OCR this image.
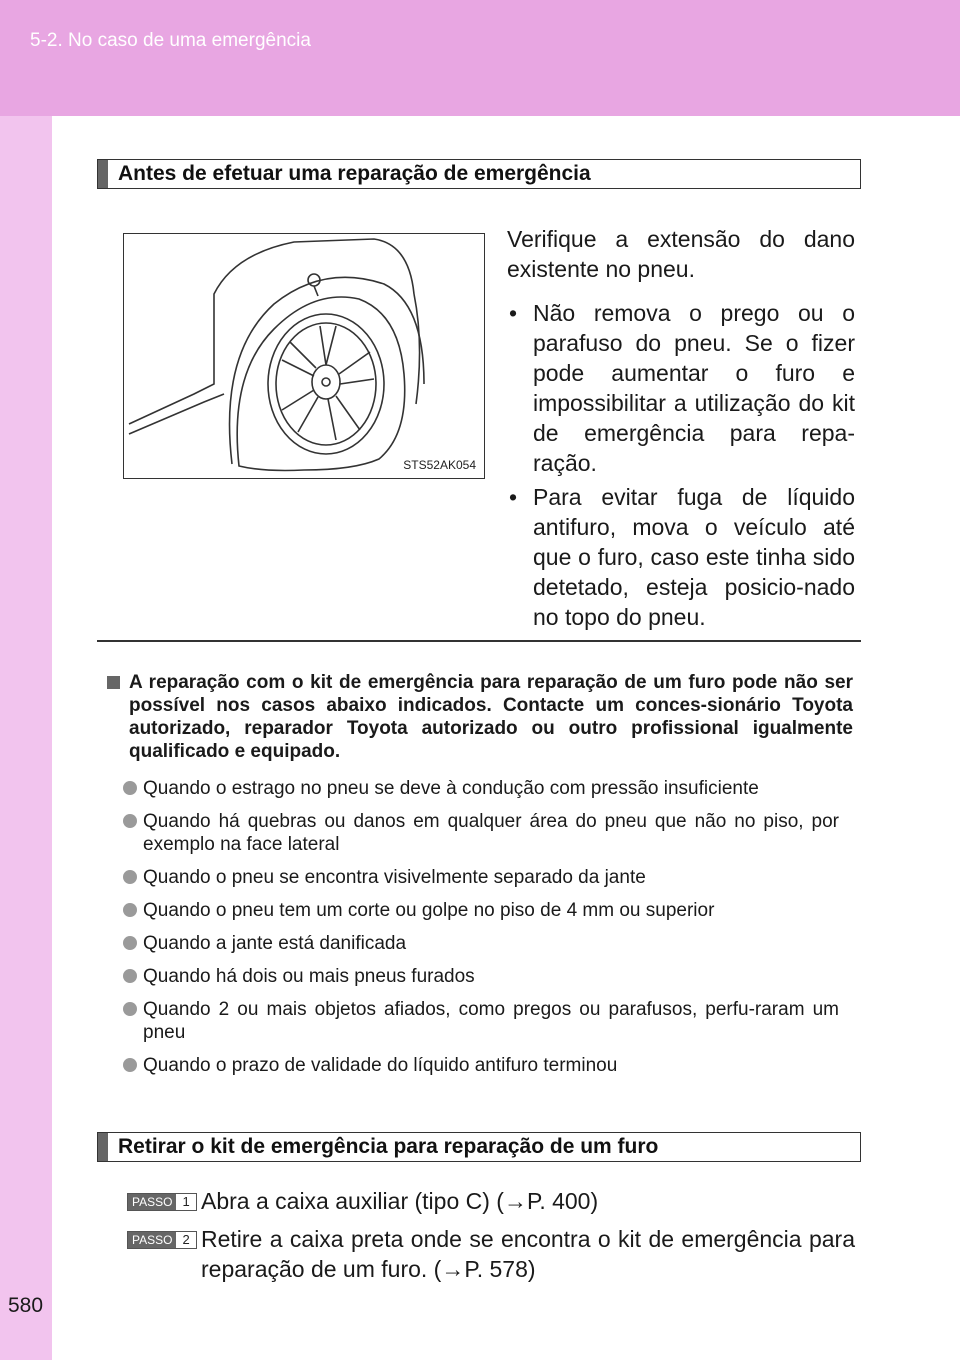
5-2. No caso de uma emergência
580
Antes de efetuar uma reparação de emergência
STS52AK054

Verifique a extensão do dano existente no pneu.

• Não remova o prego ou o parafuso do pneu. Se o fizer pode aumentar o furo e impossibilitar a utilização do kit de emergência para repa-ração.
• Para evitar fuga de líquido antifuro, mova o veículo até que o furo, caso este tinha sido detetado, esteja posicio-nado no topo do pneu.
A reparação com o kit de emergência para reparação de um furo pode não ser possível nos casos abaixo indicados. Contacte um conces-sionário Toyota autorizado, reparador Toyota autorizado ou outro profissional igualmente qualificado e equipado.
Quando o estrago no pneu se deve à condução com pressão insuficiente
Quando há quebras ou danos em qualquer área do pneu que não no piso, por exemplo na face lateral
Quando o pneu se encontra visivelmente separado da jante
Quando o pneu tem um corte ou golpe no piso de 4 mm ou superior
Quando a jante está danificada
Quando há dois ou mais pneus furados
Quando 2 ou mais objetos afiados, como pregos ou parafusos, perfu-raram um pneu
Quando o prazo de validade do líquido antifuro terminou
Retirar o kit de emergência para reparação de um furo
PASSO 1 Abra a caixa auxiliar (tipo C) (→P. 400)
PASSO 2 Retire a caixa preta onde se encontra o kit de emergência para reparação de um furo. (→P. 578)
